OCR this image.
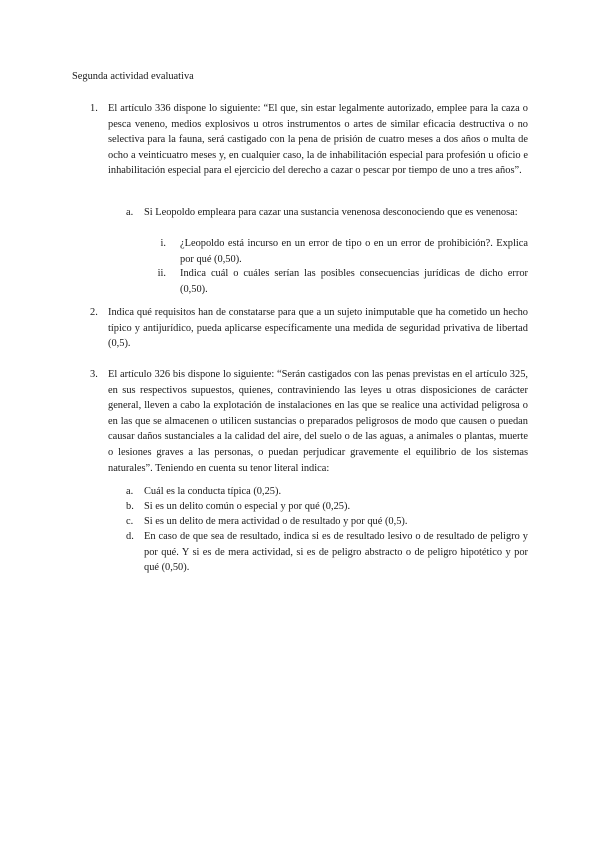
Segunda actividad evaluativa
1. El artículo 336 dispone lo siguiente: “El que, sin estar legalmente autorizado, emplee para la caza o pesca veneno, medios explosivos u otros instrumentos o artes de similar eficacia destructiva o no selectiva para la fauna, será castigado con la pena de prisión de cuatro meses a dos años o multa de ocho a veinticuatro meses y, en cualquier caso, la de inhabilitación especial para profesión u oficio e inhabilitación especial para el ejercicio del derecho a cazar o pescar por tiempo de uno a tres años”.
a. Si Leopoldo empleara para cazar una sustancia venenosa desconociendo que es venenosa:
i. ¿Leopoldo está incurso en un error de tipo o en un error de prohibición?. Explica por qué (0,50).
ii. Indica cuál o cuáles serían las posibles consecuencias jurídicas de dicho error (0,50).
2. Indica qué requisitos han de constatarse para que a un sujeto inimputable que ha cometido un hecho típico y antijurídico, pueda aplicarse específicamente una medida de seguridad privativa de libertad (0,5).
3. El artículo 326 bis dispone lo siguiente: “Serán castigados con las penas previstas en el artículo 325, en sus respectivos supuestos, quienes, contraviniendo las leyes u otras disposiciones de carácter general, lleven a cabo la explotación de instalaciones en las que se realice una actividad peligrosa o en las que se almacenen o utilicen sustancias o preparados peligrosos de modo que causen o puedan causar daños sustanciales a la calidad del aire, del suelo o de las aguas, a animales o plantas, muerte o lesiones graves a las personas, o puedan perjudicar gravemente el equilibrio de los sistemas naturales”. Teniendo en cuenta su tenor literal indica:
a. Cuál es la conducta típica (0,25).
b. Si es un delito común o especial y por qué (0,25).
c. Si es un delito de mera actividad o de resultado y por qué (0,5).
d. En caso de que sea de resultado, indica si es de resultado lesivo o de resultado de peligro y por qué. Y si es de mera actividad, si es de peligro abstracto o de peligro hipotético y por qué (0,50).
